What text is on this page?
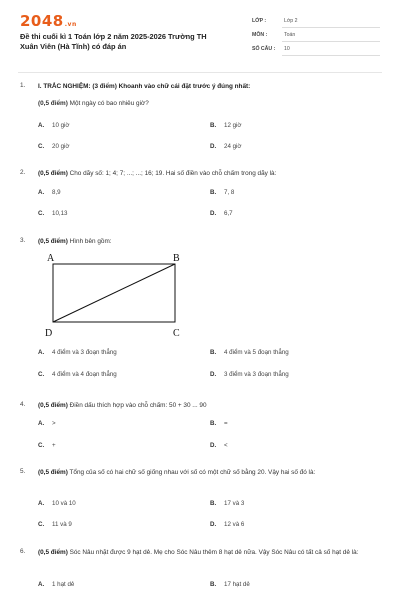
2048.vn
Đề thi cuối kì 1 Toán lớp 2 năm 2025-2026 Trường TH Xuân Viên (Hà Tĩnh) có đáp án
LỚP :	Lớp 2
MÔN :	Toán
SỐ CÂU : 10
1. I. TRẮC NGHIỆM: (3 điểm) Khoanh vào chữ cái đặt trước ý đúng nhất:
(0,5 điểm) Một ngày có bao nhiêu giờ?
A. 10 giờ	B. 12 giờ
C. 20 giờ	D. 24 giờ
2. (0,5 điểm) Cho dãy số: 1; 4; 7; ...; ...; 16; 19. Hai số điền vào chỗ chấm trong dãy là:
A. 8,9	B. 7, 8
C. 10,13	D. 6,7
3. (0,5 điểm) Hình bên gồm:
A	B
D	C
A. 4 điểm và 3 đoạn thẳng	B. 4 điểm và 5 đoạn thẳng
C. 4 điểm và 4 đoạn thẳng	D. 3 điểm và 3 đoạn thẳng
4. (0,5 điểm) Điền dấu thích hợp vào chỗ chấm: 50 + 30 ... 90
A. >	B. =
C. +	D. <
5. (0,5 điểm) Tổng của số có hai chữ số giống nhau với số có một chữ số bằng 20. Vậy hai số đó là:
A. 10 và 10	B. 17 và 3
C. 11 và 9	D. 12 và 6
6. (0,5 điểm) Sóc Nâu nhặt được 9 hạt dẻ. Mẹ cho Sóc Nâu thêm 8 hạt dẻ nữa. Vậy Sóc Nâu có tất cả số hạt dẻ là:
A. 1 hạt dẻ	B. 17 hạt dẻ
